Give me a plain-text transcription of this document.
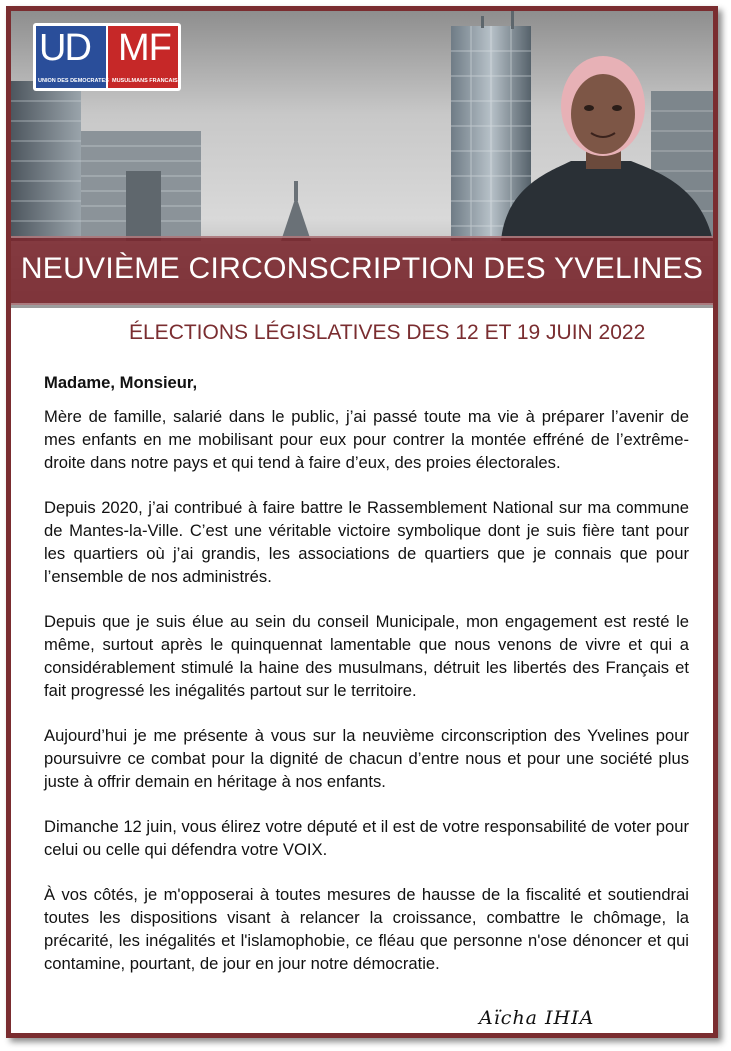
UD MF
UNION DES DEMOCRATES MUSULMANS FRANCAIS
NEUVIÈME CIRCONSCRIPTION DES YVELINES
ÉLECTIONS LÉGISLATIVES DES 12 ET 19 JUIN 2022

Madame, Monsieur,

Mère de famille, salarié dans le public, j’ai passé toute ma vie à préparer l’avenir de mes enfants en me mobilisant pour eux pour contrer la montée effréné de l’extrême-droite dans notre pays et qui tend à faire d’eux, des proies électorales.

Depuis 2020, j’ai contribué à faire battre le Rassemblement National sur ma commune de Mantes-la-Ville. C’est une véritable victoire symbolique dont je suis fière tant pour les quartiers où j’ai grandis, les associations de quartiers que je connais que pour l’ensemble de nos administrés.

Depuis que je suis élue au sein du conseil Municipale, mon engagement est resté le même, surtout après le quinquennat lamentable que nous venons de vivre et qui a considérablement stimulé la haine des musulmans, détruit les libertés des Français et fait progressé les inégalités partout sur le territoire.

Aujourd’hui je me présente à vous sur la neuvième circonscription des Yvelines pour poursuivre ce combat pour la dignité de chacun d’entre nous et pour une société plus juste à offrir demain en héritage à nos enfants.

Dimanche 12 juin, vous élirez votre député et il est de votre responsabilité de voter pour celui ou celle qui défendra votre VOIX.

À vos côtés, je m'opposerai à toutes mesures de hausse de la fiscalité et soutiendrai toutes les dispositions visant à relancer la croissance, combattre le chômage, la précarité, les inégalités et l'islamophobie, ce fléau que personne n'ose dénoncer et qui contamine, pourtant, de jour en jour notre démocratie.

Aïcha IHIA
